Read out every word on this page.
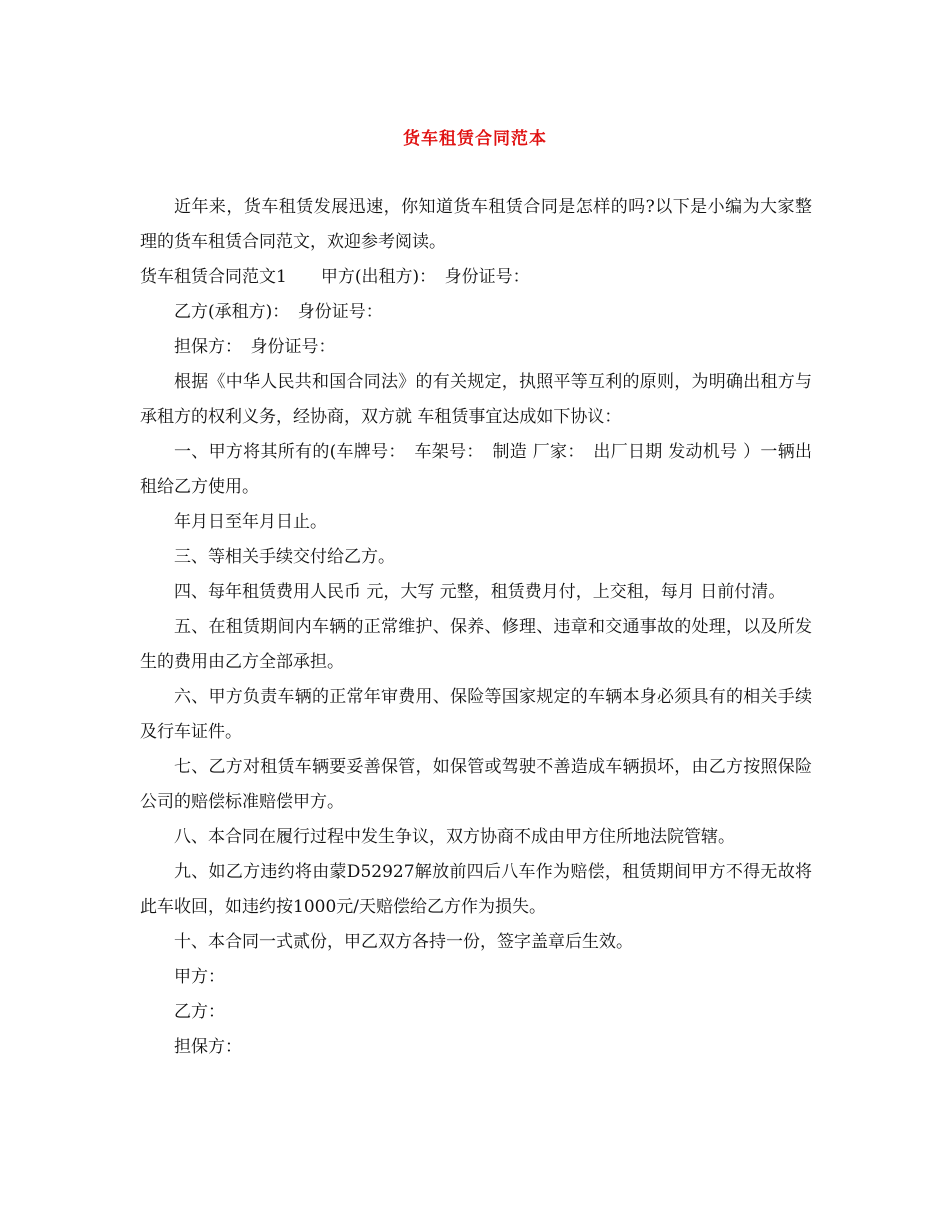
货车租赁合同范本

近年来，货车租赁发展迅速，你知道货车租赁合同是怎样的吗?以下是小编为大家整理的货车租赁合同范文，欢迎参考阅读。

货车租赁合同范文1　　甲方(出租方)：　身份证号：

乙方(承租方)：　身份证号：

担保方：　身份证号：

根据《中华人民共和国合同法》的有关规定，执照平等互利的原则，为明确出租方与承租方的权利义务，经协商，双方就 车租赁事宜达成如下协议：

一、甲方将其所有的(车牌号：　车架号：　制造 厂家：　出厂日期 发动机号 ）一辆出租给乙方使用。

年月日至年月日止。

三、等相关手续交付给乙方。

四、每年租赁费用人民币 元，大写 元整，租赁费月付，上交租，每月 日前付清。

五、在租赁期间内车辆的正常维护、保养、修理、违章和交通事故的处理，以及所发生的费用由乙方全部承担。

六、甲方负责车辆的正常年审费用、保险等国家规定的车辆本身必须具有的相关手续及行车证件。

七、乙方对租赁车辆要妥善保管，如保管或驾驶不善造成车辆损坏，由乙方按照保险公司的赔偿标准赔偿甲方。

八、本合同在履行过程中发生争议，双方协商不成由甲方住所地法院管辖。

九、如乙方违约将由蒙D52927解放前四后八车作为赔偿，租赁期间甲方不得无故将此车收回，如违约按1000元/天赔偿给乙方作为损失。

十、本合同一式贰份，甲乙双方各持一份，签字盖章后生效。

甲方：

乙方：

担保方：
